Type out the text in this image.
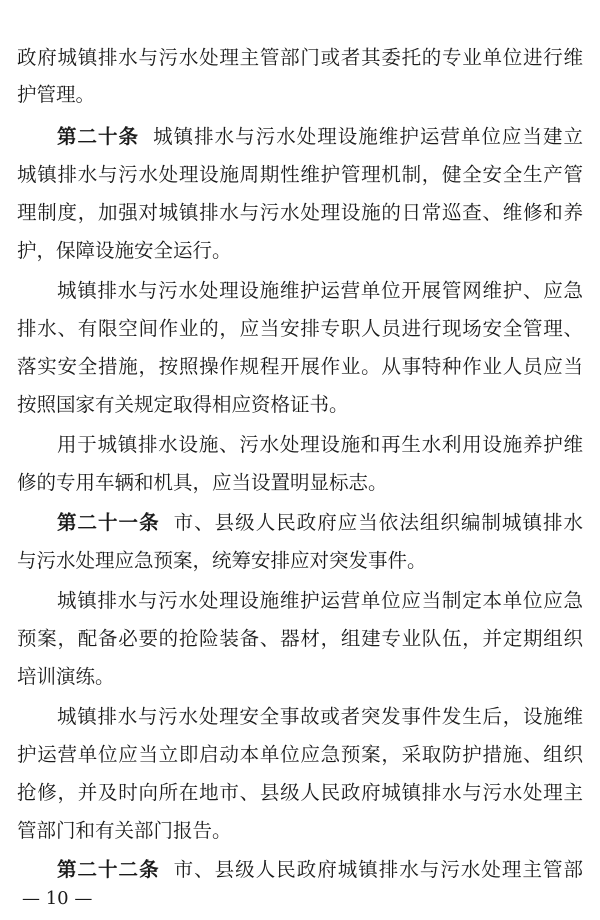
政府城镇排水与污水处理主管部门或者其委托的专业单位进行维
护管理。
第二十条 城镇排水与污水处理设施维护运营单位应当建立
城镇排水与污水处理设施周期性维护管理机制，健全安全生产管
理制度，加强对城镇排水与污水处理设施的日常巡查、维修和养
护，保障设施安全运行。
城镇排水与污水处理设施维护运营单位开展管网维护、应急
排水、有限空间作业的，应当安排专职人员进行现场安全管理、
落实安全措施，按照操作规程开展作业。从事特种作业人员应当
按照国家有关规定取得相应资格证书。
用于城镇排水设施、污水处理设施和再生水利用设施养护维
修的专用车辆和机具，应当设置明显标志。
第二十一条 市、县级人民政府应当依法组织编制城镇排水
与污水处理应急预案，统筹安排应对突发事件。
城镇排水与污水处理设施维护运营单位应当制定本单位应急
预案，配备必要的抢险装备、器材，组建专业队伍，并定期组织
培训演练。
城镇排水与污水处理安全事故或者突发事件发生后，设施维
护运营单位应当立即启动本单位应急预案，采取防护措施、组织
抢修，并及时向所在地市、县级人民政府城镇排水与污水处理主
管部门和有关部门报告。
第二十二条 市、县级人民政府城镇排水与污水处理主管部
— 10 —
